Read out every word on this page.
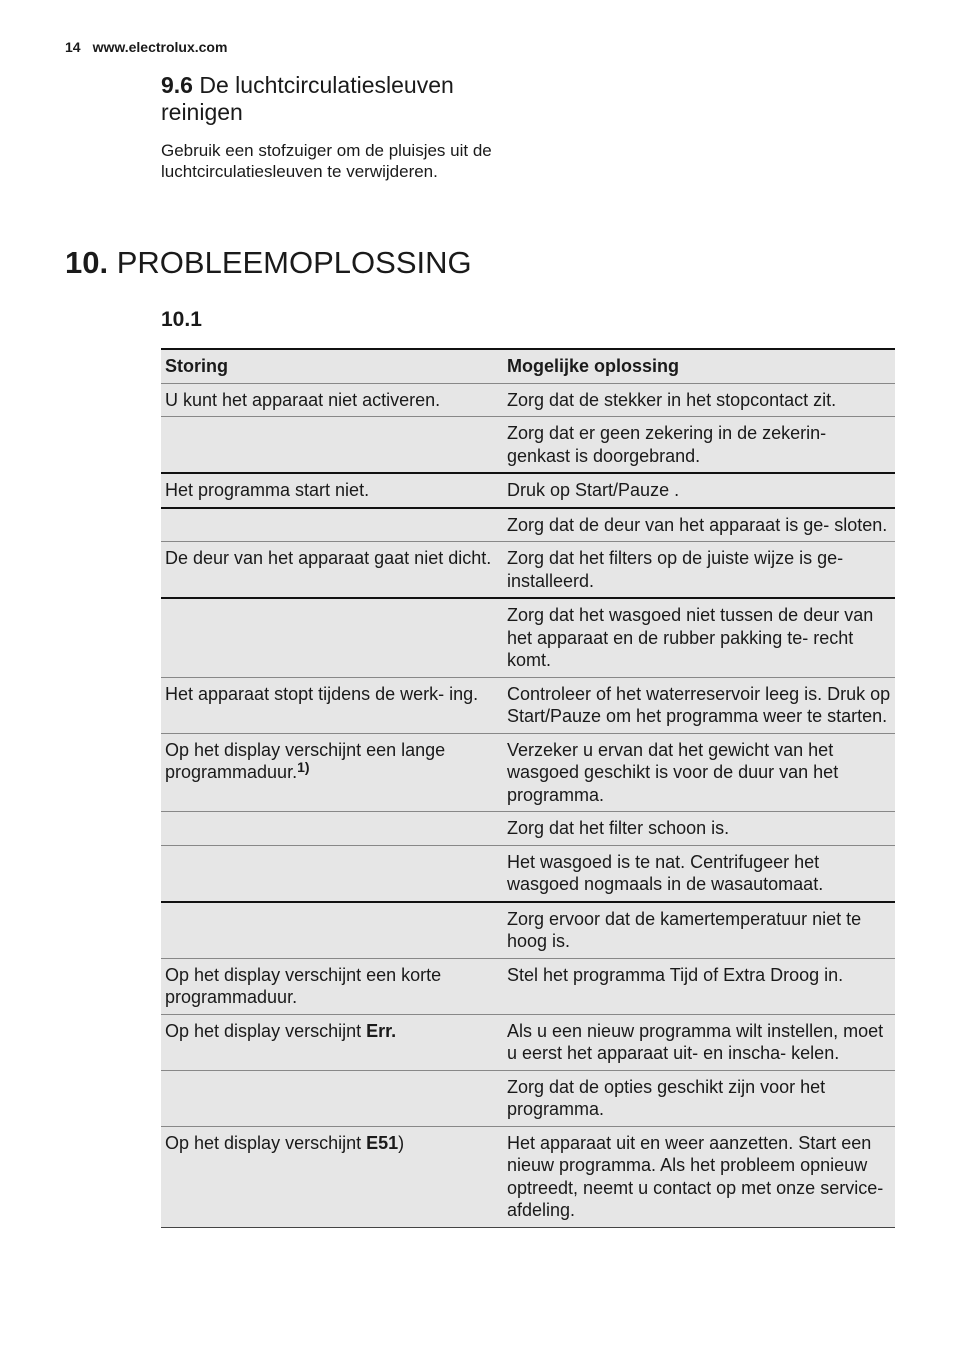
14 www.electrolux.com
9.6 De luchtcirculatiesleuven reinigen

Gebruik een stofzuiger om de pluisjes uit de luchtcirculatiesleuven te verwijderen.

10. PROBLEEMOPLOSSING
10.1
Storing	Mogelijke oplossing
U kunt het apparaat niet activeren.	Zorg dat de stekker in het stopcontact zit.
	Zorg dat er geen zekering in de zekerin- genkast is doorgebrand.
Het programma start niet.	Druk op Start/Pauze .
	Zorg dat de deur van het apparaat is ge- sloten.
De deur van het apparaat gaat niet dicht.	Zorg dat het filters op de juiste wijze is ge- installeerd.
	Zorg dat het wasgoed niet tussen de deur van het apparaat en de rubber pakking te- recht komt.
Het apparaat stopt tijdens de werk- ing.	Controleer of het waterreservoir leeg is. Druk op Start/Pauze om het programma weer te starten.
Op het display verschijnt een lange programmaduur.$^{1)}$	Verzeker u ervan dat het gewicht van het wasgoed geschikt is voor de duur van het programma.
	Zorg dat het filter schoon is.
	Het wasgoed is te nat. Centrifugeer het wasgoed nogmaals in de wasautomaat.
	Zorg ervoor dat de kamertemperatuur niet te hoog is.
Op het display verschijnt een korte programmaduur.	Stel het programma Tijd of Extra Droog in.
Op het display verschijnt Err.	Als u een nieuw programma wilt instellen, moet u eerst het apparaat uit- en inscha- kelen.
	Zorg dat de opties geschikt zijn voor het programma.
Op het display verschijnt E51)	Het apparaat uit en weer aanzetten. Start een nieuw programma. Als het probleem opnieuw optreedt, neemt u contact op met onze service-afdeling.
